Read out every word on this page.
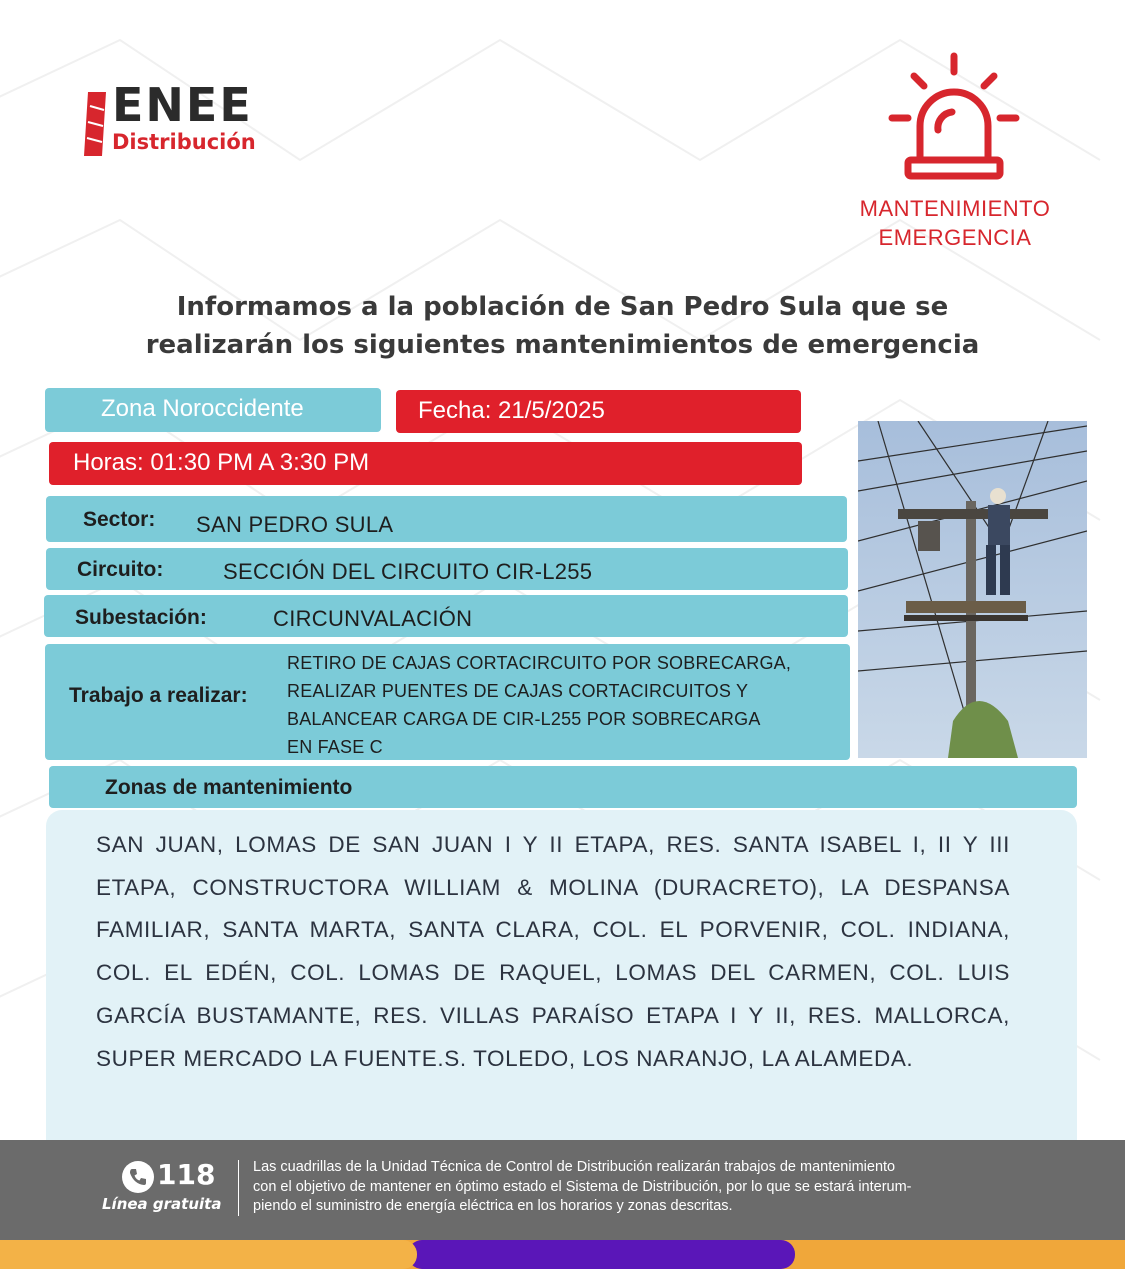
ENEE
Distribución
MANTENIMIENTO
EMERGENCIA
Informamos a la población de San Pedro Sula que se
realizarán los siguientes mantenimientos de emergencia
Zona Noroccidente	Fecha: 21/5/2025
Horas: 01:30 PM A 3:30 PM
Sector: SAN PEDRO SULA
Circuito:	SECCIÓN DEL CIRCUITO CIR-L255
Subestación:	CIRCUNVALACIÓN
Trabajo a realizar:
RETIRO DE CAJAS CORTACIRCUITO POR SOBRECARGA,
REALIZAR PUENTES DE CAJAS CORTACIRCUITOS Y
BALANCEAR CARGA DE CIR-L255 POR SOBRECARGA
EN FASE C
Zonas de mantenimiento
SAN JUAN, LOMAS DE SAN JUAN I Y II ETAPA, RES. SANTA ISABEL I, II Y III ETAPA, CONSTRUCTORA WILLIAM & MOLINA (DURACRETO), LA DESPANSA FAMILIAR, SANTA MARTA, SANTA CLARA, COL. EL PORVENIR, COL. INDIANA, COL. EL EDÉN, COL. LOMAS DE RAQUEL, LOMAS DEL CARMEN, COL. LUIS GARCÍA BUSTAMANTE, RES. VILLAS PARAÍSO ETAPA I Y II, RES. MALLORCA, SUPER MERCADO LA FUENTE.S. TOLEDO, LOS NARANJO, LA ALAMEDA.
118
Línea gratuita
Las cuadrillas de la Unidad Técnica de Control de Distribución realizarán trabajos de mantenimiento
con el objetivo de mantener en óptimo estado el Sistema de Distribución, por lo que se estará interum-
piendo el suministro de energía eléctrica en los horarios y zonas descritas.
